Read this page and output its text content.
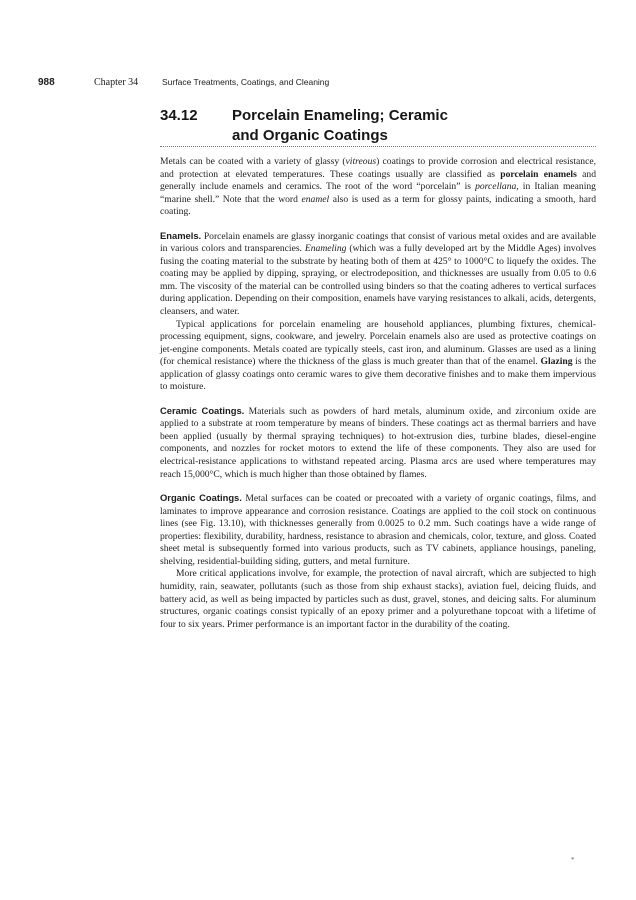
988	Chapter 34	Surface Treatments, Coatings, and Cleaning
34.12 Porcelain Enameling; Ceramic
and Organic Coatings

Metals can be coated with a variety of glassy (vitreous) coatings to provide corrosion and electrical resistance, and protection at elevated temperatures. These coatings usually are classified as porcelain enamels and generally include enamels and ceramics. The root of the word “porcelain” is porcellana, in Italian meaning “marine shell.” Note that the word enamel also is used as a term for glossy paints, indicating a smooth, hard coating.

Enamels. Porcelain enamels are glassy inorganic coatings that consist of various metal oxides and are available in various colors and transparencies. Enameling (which was a fully developed art by the Middle Ages) involves fusing the coating material to the substrate by heating both of them at 425° to 1000°C to liquefy the oxides. The coating may be applied by dipping, spraying, or electrodeposition, and thicknesses are usually from 0.05 to 0.6 mm. The viscosity of the material can be controlled using binders so that the coating adheres to vertical surfaces during application. Depending on their composition, enamels have varying resistances to alkali, acids, detergents, cleansers, and water.

Typical applications for porcelain enameling are household appliances, plumbing fixtures, chemical-processing equipment, signs, cookware, and jewelry. Porcelain enamels also are used as protective coatings on jet-engine components. Metals coated are typically steels, cast iron, and aluminum. Glasses are used as a lining (for chemical resistance) where the thickness of the glass is much greater than that of the enamel. Glazing is the application of glassy coatings onto ceramic wares to give them decorative finishes and to make them impervious to moisture.

Ceramic Coatings. Materials such as powders of hard metals, aluminum oxide, and zirconium oxide are applied to a substrate at room temperature by means of binders. These coatings act as thermal barriers and have been applied (usually by thermal spraying techniques) to hot-extrusion dies, turbine blades, diesel-engine components, and nozzles for rocket motors to extend the life of these components. They also are used for electrical-resistance applications to withstand repeated arcing. Plasma arcs are used where temperatures may reach 15,000°C, which is much higher than those obtained by flames.

Organic Coatings. Metal surfaces can be coated or precoated with a variety of organic coatings, films, and laminates to improve appearance and corrosion resistance. Coatings are applied to the coil stock on continuous lines (see Fig. 13.10), with thicknesses generally from 0.0025 to 0.2 mm. Such coatings have a wide range of properties: flexibility, durability, hardness, resistance to abrasion and chemicals, color, texture, and gloss. Coated sheet metal is subsequently formed into various products, such as TV cabinets, appliance housings, paneling, shelving, residential-building siding, gutters, and metal furniture.

More critical applications involve, for example, the protection of naval aircraft, which are subjected to high humidity, rain, seawater, pollutants (such as those from ship exhaust stacks), aviation fuel, deicing fluids, and battery acid, as well as being impacted by particles such as dust, gravel, stones, and deicing salts. For aluminum structures, organic coatings consist typically of an epoxy primer and a polyurethane topcoat with a lifetime of four to six years. Primer performance is an important factor in the durability of the coating.

*
